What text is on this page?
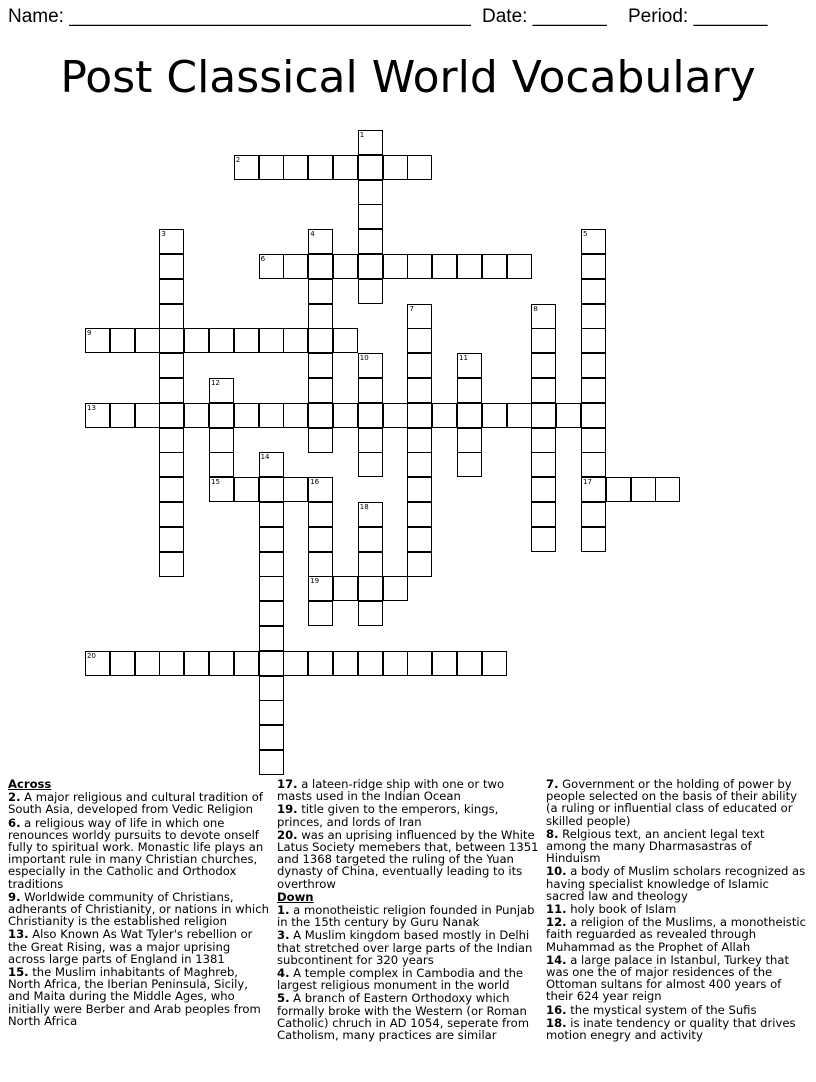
Name: ______________________________________ Date: _______ Period: _______
Post Classical World Vocabulary
1
2
3	4	5
17
6
7	8
9
10	11
12
15
13
14
16
19
18
20
Across
2. A major religious and cultural tradition of South Asia, developed from Vedic Religion
6. a religious way of life in which one renounces worldy pursuits to devote onself fully to spiritual work. Monastic life plays an important rule in many Christian churches, especially in the Catholic and Orthodox traditions
9. Worldwide community of Christians, adherants of Christianity, or nations in which Christianity is the established religion
13. Also Known As Wat Tyler's rebellion or the Great Rising, was a major uprising across large parts of England in 1381
15. the Muslim inhabitants of Maghreb, North Africa, the Iberian Peninsula, Sicily, and Maita during the Middle Ages, who initially were Berber and Arab peoples from North Africa
17. a lateen-ridge ship with one or two masts used in the Indian Ocean
19. title given to the emperors, kings, princes, and lords of Iran
20. was an uprising influenced by the White Latus Society memebers that, between 1351 and 1368 targeted the ruling of the Yuan dynasty of China, eventually leading to its overthrow
Down
1. a monotheistic religion founded in Punjab in the 15th century by Guru Nanak
3. A Muslim kingdom based mostly in Delhi that stretched over large parts of the Indian subcontinent for 320 years
4. A temple complex in Cambodia and the largest religious monument in the world
5. A branch of Eastern Orthodoxy which formally broke with the Western (or Roman Catholic) chruch in AD 1054, seperate from Catholism, many practices are similar
7. Government or the holding of power by people selected on the basis of their ability (a ruling or influential class of educated or skilled people)
8. Relgious text, an ancient legal text among the many Dharmasastras of Hinduism
10. a body of Muslim scholars recognized as having specialist knowledge of Islamic sacred law and theology
11. holy book of Islam
12. a religion of the Muslims, a monotheistic faith reguarded as revealed through Muhammad as the Prophet of Allah
14. a large palace in Istanbul, Turkey that was one the of major residences of the Ottoman sultans for almost 400 years of their 624 year reign
16. the mystical system of the Sufis
18. is inate tendency or quality that drives motion enegry and activity
